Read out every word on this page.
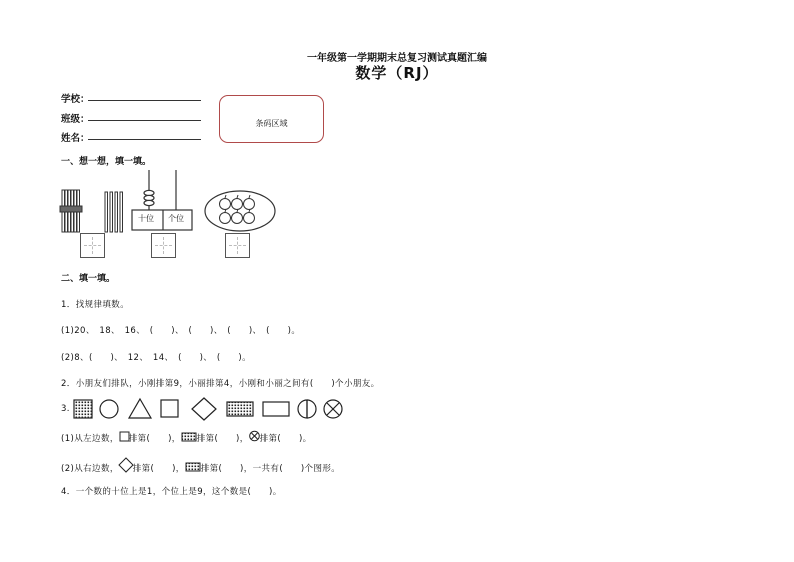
一年级第一学期期末总复习测试真题汇编
数学（RJ）
学校：
班级：
姓名：
条码区域
一、想一想，填一填。
十位 个位
二、填一填。
1．找规律填数。
(1)20、　18、　16、　(　　)、　(　　)、　(　　)、　(　　)。
(2)8、(　　)、　12、　14、　(　　)、　(　　)。
2．小朋友们排队，小刚排第9，小丽排第4，小刚和小丽之间有(　　)个小朋友。
3.
(1)从左边数， 排第(　　)， 排第(　　)， 排第(　　)。
(2)从右边数， 排第(　　)， 排第(　　)，一共有(　　)个图形。
4．一个数的十位上是1，个位上是9，这个数是(　　)。
